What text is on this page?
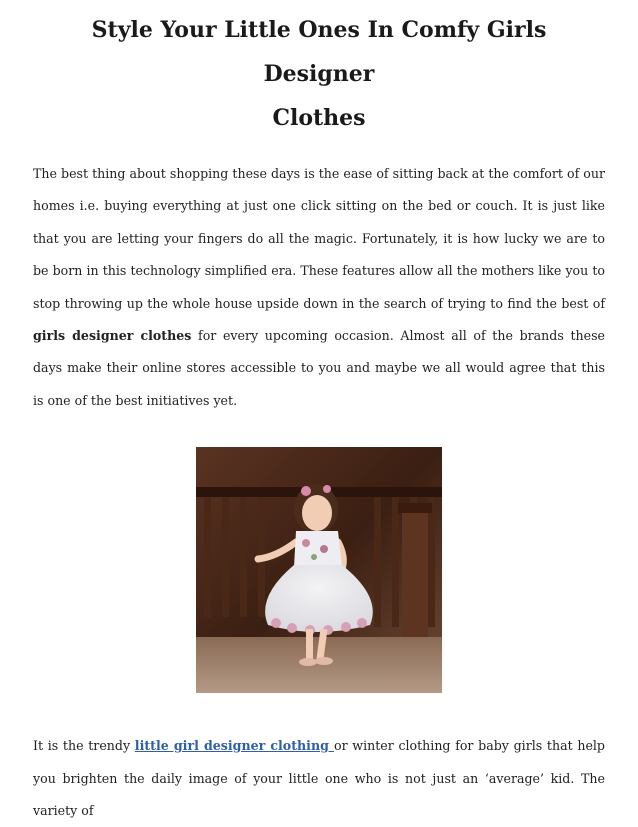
Style Your Little Ones In Comfy Girls Designer
Clothes

The best thing about shopping these days is the ease of sitting back at the comfort of our homes i.e. buying everything at just one click sitting on the bed or couch. It is just like that you are letting your fingers do all the magic. Fortunately, it is how lucky we are to be born in this technology simplified era. These features allow all the mothers like you to stop throwing up the whole house upside down in the search of trying to find the best of girls designer clothes for every upcoming occasion. Almost all of the brands these days make their online stores accessible to you and maybe we all would agree that this is one of the best initiatives yet.

It is the trendy little girl designer clothing or winter clothing for baby girls that help you brighten the daily image of your little one who is not just an ‘average’ kid. The variety of
